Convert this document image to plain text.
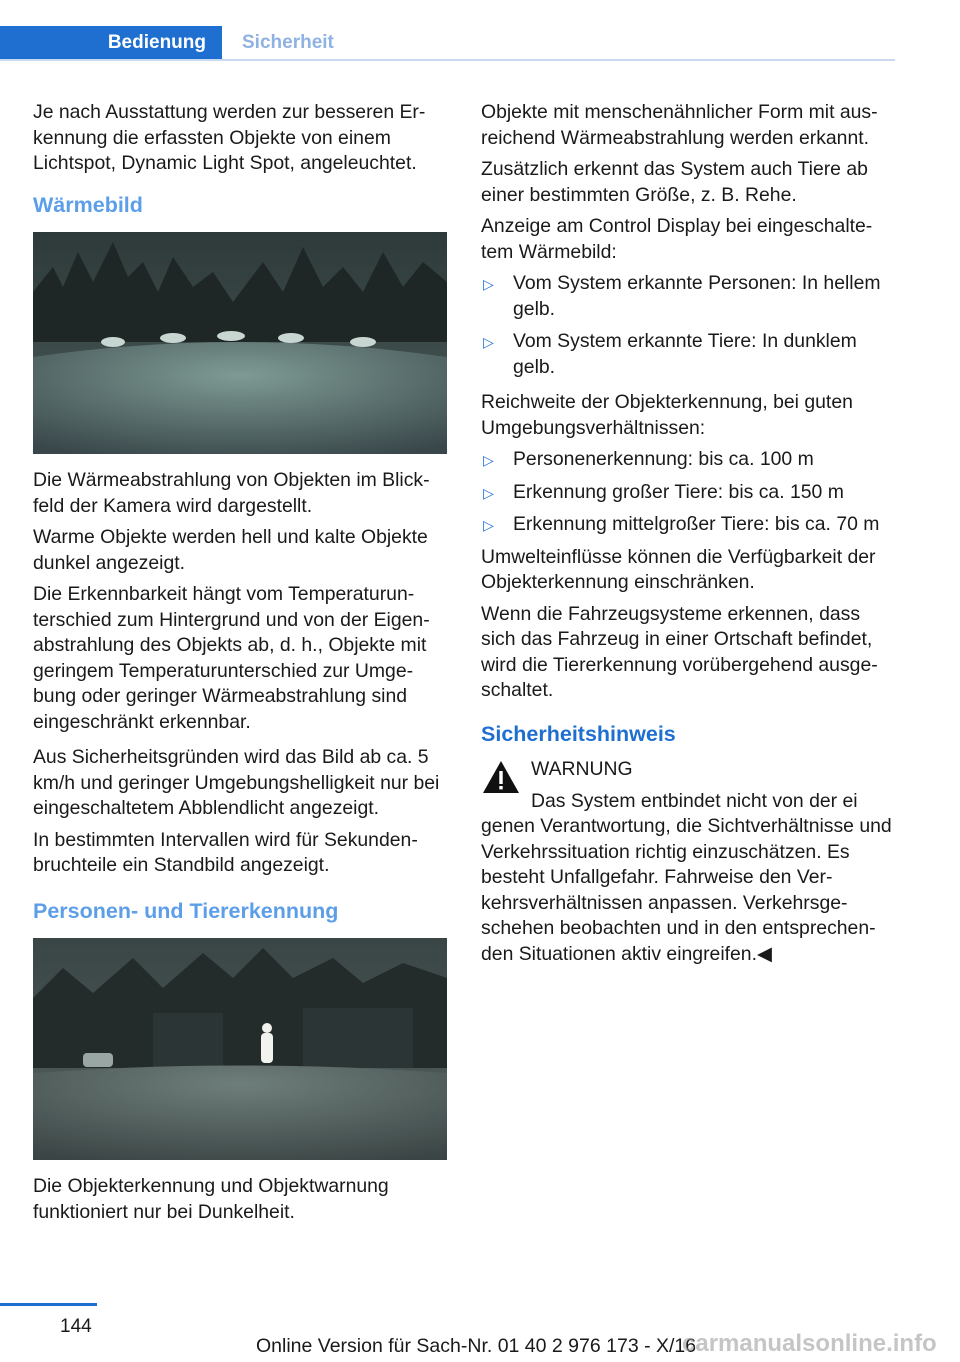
Bedienung	Sicherheit

Je nach Ausstattung werden zur besseren Erkennung die erfassten Objekte von einem Lichtspot, Dynamic Light Spot, angeleuchtet.

Wärmebild

Die Wärmeabstrahlung von Objekten im Blickfeld der Kamera wird dargestellt.

Warme Objekte werden hell und kalte Objekte dunkel angezeigt.

Die Erkennbarkeit hängt vom Temperaturunterschied zum Hintergrund und von der Eigenabstrahlung des Objekts ab, d. h., Objekte mit geringem Temperaturunterschied zur Umgebung oder geringer Wärmeabstrahlung sind eingeschränkt erkennbar.

Aus Sicherheitsgründen wird das Bild ab ca. 5 km/h und geringer Umgebungshelligkeit nur bei eingeschaltetem Abblendlicht angezeigt.

In bestimmten Intervallen wird für Sekundenbruchteile ein Standbild angezeigt.

Personen- und Tiererkennung

Die Objekterkennung und Objektwarnung funktioniert nur bei Dunkelheit.

Objekte mit menschenähnlicher Form mit ausreichend Wärmeabstrahlung werden erkannt.

Zusätzlich erkennt das System auch Tiere ab einer bestimmten Größe, z. B. Rehe.

Anzeige am Control Display bei eingeschaltetem Wärmebild:

▷ Vom System erkannte Personen: In hellem gelb.
▷ Vom System erkannte Tiere: In dunklem gelb.

Reichweite der Objekterkennung, bei guten Umgebungsverhältnissen:

▷ Personenerkennung: bis ca. 100 m
▷ Erkennung großer Tiere: bis ca. 150 m
▷ Erkennung mittelgroßer Tiere: bis ca. 70 m

Umwelteinflüsse können die Verfügbarkeit der Objekterkennung einschränken.

Wenn die Fahrzeugsysteme erkennen, dass sich das Fahrzeug in einer Ortschaft befindet, wird die Tiererkennung vorübergehend ausgeschaltet.

Sicherheitshinweis
WARNUNG
Das System entbindet nicht von der ei
genen Verantwortung, die Sichtverhältnisse und Verkehrssituation richtig einzuschätzen. Es besteht Unfallgefahr. Fahrweise den Verkehrsverhältnissen anpassen. Verkehrsgeschehen beobachten und in den entsprechenden Situationen aktiv eingreifen.◀
144
Online Version für Sach-Nr. 01 40 2 976 173 - X/16
carmanualsonline.info
